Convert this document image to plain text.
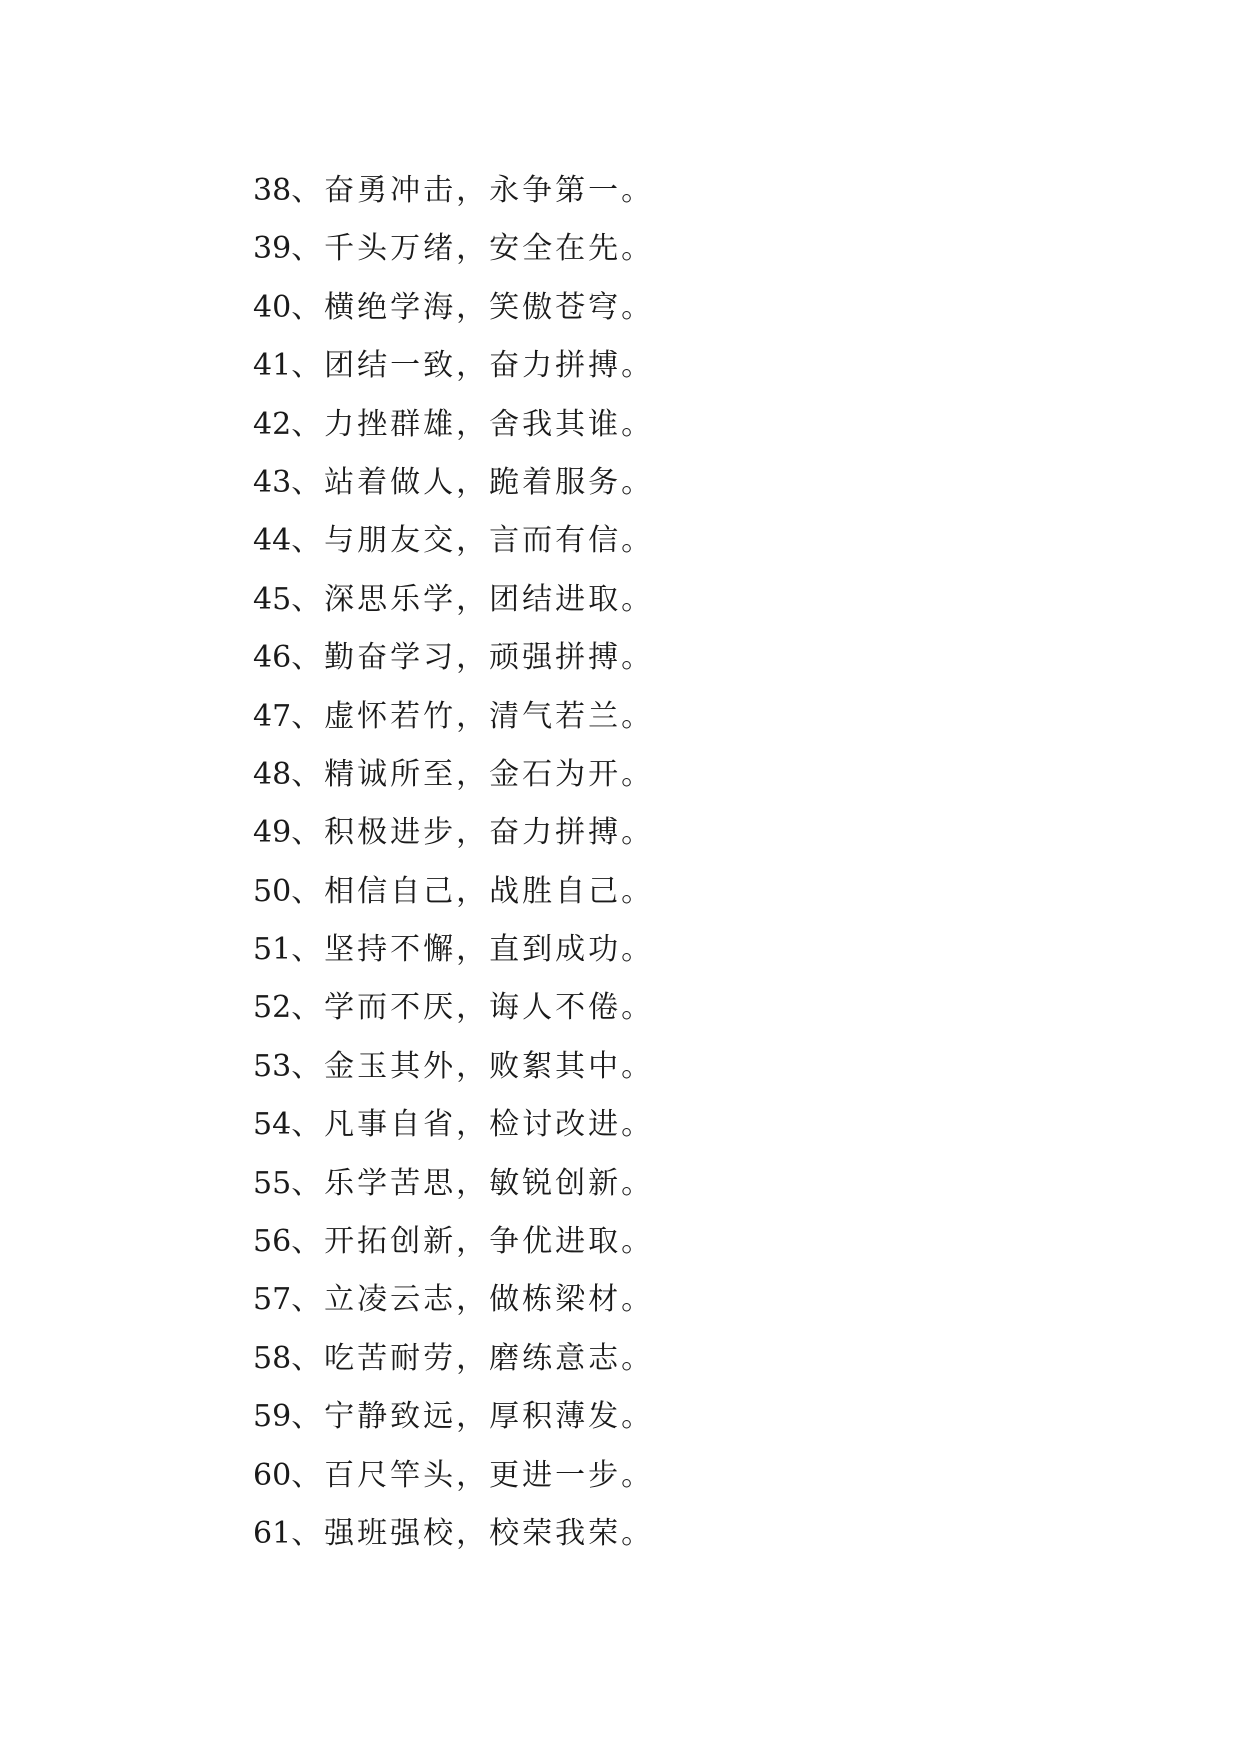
38、奋勇冲击，永争第一。
39、千头万绪，安全在先。
40、横绝学海，笑傲苍穹。
41、团结一致，奋力拼搏。
42、力挫群雄，舍我其谁。
43、站着做人，跪着服务。
44、与朋友交，言而有信。
45、深思乐学，团结进取。
46、勤奋学习，顽强拼搏。
47、虚怀若竹，清气若兰。
48、精诚所至，金石为开。
49、积极进步，奋力拼搏。
50、相信自己，战胜自己。
51、坚持不懈，直到成功。
52、学而不厌，诲人不倦。
53、金玉其外，败絮其中。
54、凡事自省，检讨改进。
55、乐学苦思，敏锐创新。
56、开拓创新，争优进取。
57、立凌云志，做栋梁材。
58、吃苦耐劳，磨练意志。
59、宁静致远，厚积薄发。
60、百尺竿头，更进一步。
61、强班强校，校荣我荣。
